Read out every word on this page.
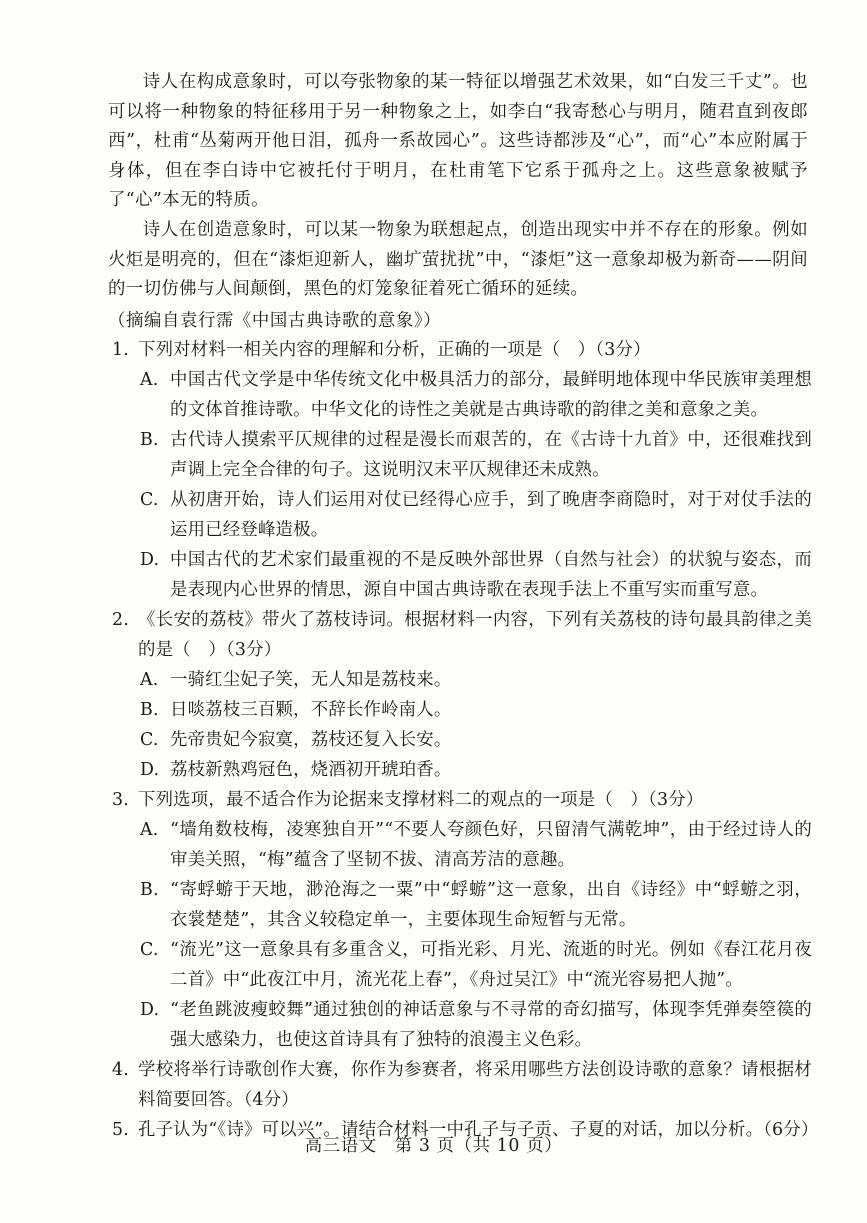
诗人在构成意象时，可以夸张物象的某一特征以增强艺术效果，如“白发三千丈”。也可以将一种物象的特征移用于另一种物象之上，如李白“我寄愁心与明月，随君直到夜郎西”，杜甫“丛菊两开他日泪，孤舟一系故园心”。这些诗都涉及“心”，而“心”本应附属于身体，但在李白诗中它被托付于明月，在杜甫笔下它系于孤舟之上。这些意象被赋予了“心”本无的特质。

诗人在创造意象时，可以某一物象为联想起点，创造出现实中并不存在的形象。例如火炬是明亮的，但在“漆炬迎新人，幽圹萤扰扰”中，“漆炬”这一意象却极为新奇——阴间的一切仿佛与人间颠倒，黑色的灯笼象征着死亡循环的延续。

（摘编自袁行霈《中国古典诗歌的意象》）
1. 下列对材料一相关内容的理解和分析，正确的一项是（　）（3分）
A. 中国古代文学是中华传统文化中极具活力的部分，最鲜明地体现中华民族审美理想的文体首推诗歌。中华文化的诗性之美就是古典诗歌的韵律之美和意象之美。
B. 古代诗人摸索平仄规律的过程是漫长而艰苦的，在《古诗十九首》中，还很难找到声调上完全合律的句子。这说明汉末平仄规律还未成熟。
C. 从初唐开始，诗人们运用对仗已经得心应手，到了晚唐李商隐时，对于对仗手法的运用已经登峰造极。
D. 中国古代的艺术家们最重视的不是反映外部世界（自然与社会）的状貌与姿态，而是表现内心世界的情思，源自中国古典诗歌在表现手法上不重写实而重写意。
2. 《长安的荔枝》带火了荔枝诗词。根据材料一内容，下列有关荔枝的诗句最具韵律之美的是（　）（3分）
A. 一骑红尘妃子笑，无人知是荔枝来。
B. 日啖荔枝三百颗，不辞长作岭南人。
C. 先帝贵妃今寂寞，荔枝还复入长安。
D. 荔枝新熟鸡冠色，烧酒初开琥珀香。
3. 下列选项，最不适合作为论据来支撑材料二的观点的一项是（　）（3分）
A. “墙角数枝梅，凌寒独自开”“不要人夸颜色好，只留清气满乾坤”，由于经过诗人的审美关照，“梅”蕴含了坚韧不拔、清高芳洁的意趣。
B. “寄蜉蝣于天地，渺沧海之一粟”中“蜉蝣”这一意象，出自《诗经》中“蜉蝣之羽，衣裳楚楚”，其含义较稳定单一，主要体现生命短暂与无常。
C. “流光”这一意象具有多重含义，可指光彩、月光、流逝的时光。例如《春江花月夜二首》中“此夜江中月，流光花上春”，《舟过吴江》中“流光容易把人抛”。
D. “老鱼跳波瘦蛟舞”通过独创的神话意象与不寻常的奇幻描写，体现李凭弹奏箜篌的强大感染力，也使这首诗具有了独特的浪漫主义色彩。
4. 学校将举行诗歌创作大赛，你作为参赛者，将采用哪些方法创设诗歌的意象？请根据材料简要回答。（4分）
5. 孔子认为“《诗》可以兴”。请结合材料一中孔子与子贡、子夏的对话，加以分析。（6分）
高三语文　第 3 页（共 10 页）
